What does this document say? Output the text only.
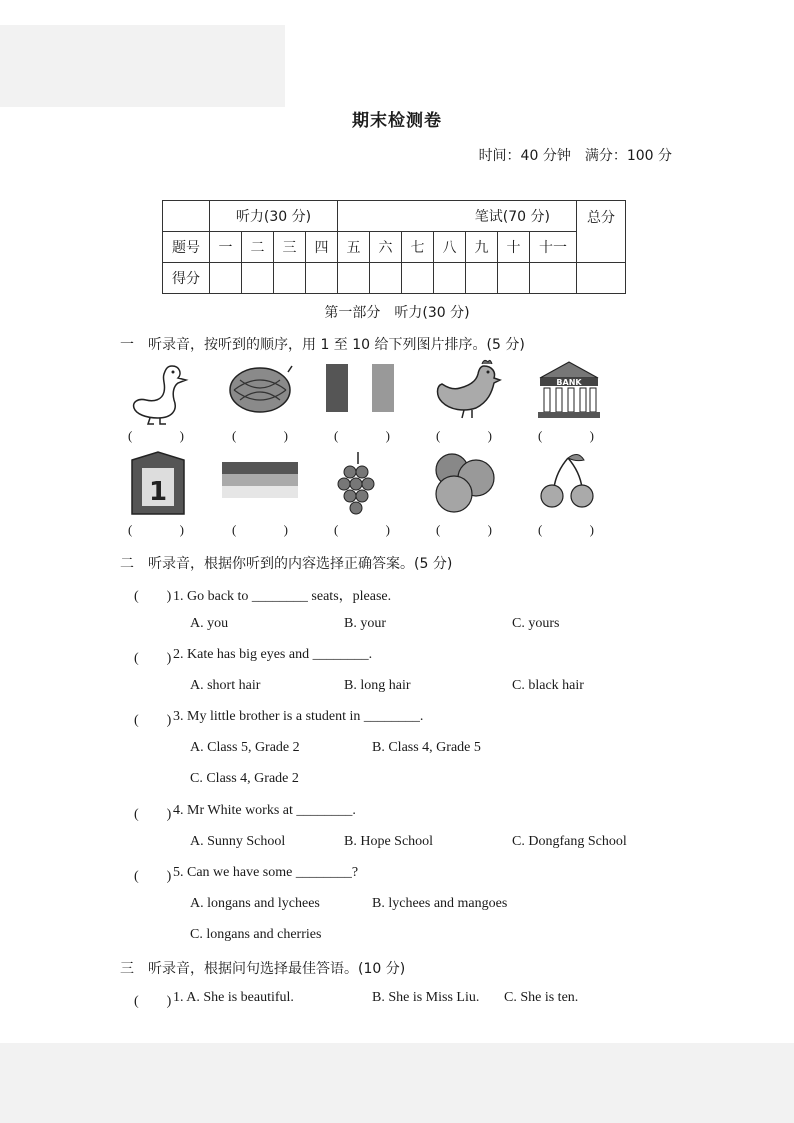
期末检测卷
时间：40 分钟　满分：100 分
	听力(30 分)				笔试(70 分)							总分
题号	一	二	三	四	五	六	七	八	九	十	十一	
得分												
第一部分　听力(30 分)
一　听录音，按听到的顺序，用 1 至 10 给下列图片排序。(5 分)
BANK
(	)	(	)	(	)	(	)	(	)
1
(	)	(	)	(	)	(	)	(	)
二　听录音，根据你听到的内容选择正确答案。(5 分)
(　　) 1. Go back to ________ seats，please.
A. you	B. your	C. yours
(　　) 2. Kate has big eyes and ________.
A. short hair	B. long hair	C. black hair
(　　) 3. My little brother is a student in ________.
A. Class 5, Grade 2	B. Class 4, Grade 5
C. Class 4, Grade 2
(　　) 4. Mr White works at ________.
A. Sunny School	B. Hope School	C. Dongfang School
(　　) 5. Can we have some ________?
A. longans and lychees	B. lychees and mangoes
C. longans and cherries
三　听录音，根据问句选择最佳答语。(10 分)
(　　) 1. A. She is beautiful.	B. She is Miss Liu. C. She is ten.
